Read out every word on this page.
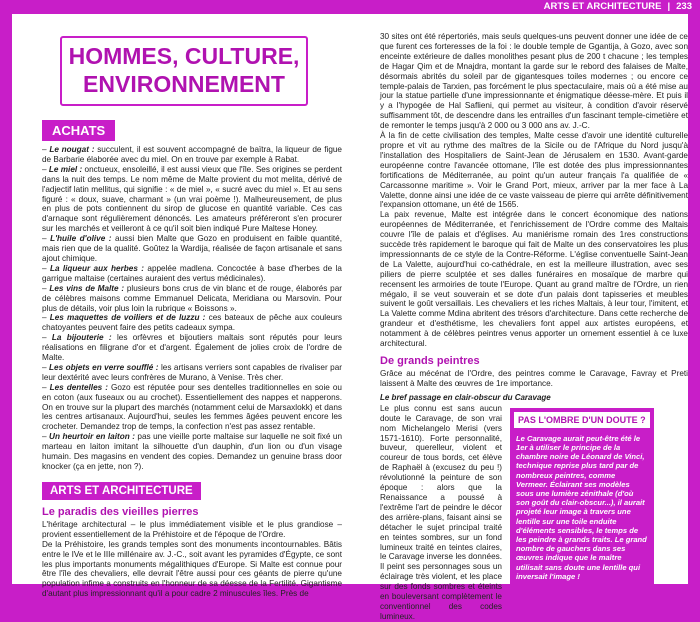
ARTS ET ARCHITECTURE | 233
HOMMES, CULTURE, ENVIRONNEMENT
ACHATS

– Le nougat : succulent, il est souvent accompagné de baïtra, la liqueur de figue de Barbarie élaborée avec du miel. On en trouve par exemple à Rabat.

– Le miel : onctueux, ensoleillé, il est aussi vieux que l'île. Ses origines se perdent dans la nuit des temps. Le nom même de Malte provient du mot melita, dérivé de l'adjectif latin mellitus, qui signifie : « de miel », « sucré avec du miel ». Et au sens figuré : « doux, suave, charmant » (un vrai poème !). Malheureusement, de plus en plus de pots contiennent du sirop de glucose en quantité variable. Ces cas d'arnaque sont régulièrement dénoncés. Les amateurs préféreront s'en procurer sur les marchés et veilleront à ce qu'il soit bien indiqué Pure Maltese Honey.

– L'huile d'olive : aussi bien Malte que Gozo en produisent en faible quantité, mais rien que de la qualité. Goûtez la Wardija, réalisée de façon artisanale et sans ajout chimique.

– La liqueur aux herbes : appelée madlena. Concoctée à base d'herbes de la garrigue maltaise (certaines auraient des vertus médicinales).

– Les vins de Malte : plusieurs bons crus de vin blanc et de rouge, élaborés par de célèbres maisons comme Emmanuel Delicata, Meridiana ou Marsovin. Pour plus de détails, voir plus loin la rubrique « Boissons ».

– Les maquettes de voiliers et de luzzu : ces bateaux de pêche aux couleurs chatoyantes peuvent faire des petits cadeaux sympa.

– La bijouterie : les orfèvres et bijoutiers maltais sont réputés pour leurs réalisations en filigrane d'or et d'argent. Également de jolies croix de l'ordre de Malte.

– Les objets en verre soufflé : les artisans verriers sont capables de rivaliser par leur dextérité avec leurs confrères de Murano, à Venise. Très cher.

– Les dentelles : Gozo est réputée pour ses dentelles traditionnelles en soie ou en coton (aux fuseaux ou au crochet). Essentiellement des nappes et napperons. On en trouve sur la plupart des marchés (notamment celui de Marsaxlokk) et dans les centres artisanaux. Aujourd'hui, seules les femmes âgées peuvent encore les crocheter. Demandez trop de temps, la confection n'est pas assez rentable.

– Un heurtoir en laiton : pas une vieille porte maltaise sur laquelle ne soit fixé un marteau en laiton imitant la silhouette d'un dauphin, d'un lion ou d'un visage humain. Des magasins en vendent des copies. Demandez un genuine brass door knocker (ça en jette, non ?).

ARTS ET ARCHITECTURE
Le paradis des vieilles pierres

L'héritage architectural – le plus immédiatement visible et le plus grandiose – provient essentiellement de la Préhistoire et de l'époque de l'Ordre.

De la Préhistoire, les grands temples sont des monuments incontournables. Bâtis entre le IVe et le IIIe millénaire av. J.-C., soit avant les pyramides d'Égypte, ce sont les plus importants monuments mégalithiques d'Europe. Si Malte est connue pour être l'île des chevaliers, elle devrait l'être aussi pour ces géants de pierre qu'une population infime a construits en l'honneur de sa déesse de la Fertilité. Gigantisme d'autant plus impressionnant qu'il a pour cadre 2 minuscules îles. Près de

30 sites ont été répertoriés, mais seuls quelques-uns peuvent donner une idée de ce que furent ces forteresses de la foi : le double temple de Ggantija, à Gozo, avec son enceinte extérieure de dalles monolithes pesant plus de 200 t chacune ; les temples de Hagar Qim et de Mnajdra, montant la garde sur le rebord des falaises de Malte, désormais abrités du soleil par de gigantesques toiles modernes ; ou encore ce temple-palais de Tarxien, pas forcément le plus spectaculaire, mais où a été mise au jour la statue partielle d'une impressionnante et énigmatique déesse-mère. Et puis il y a l'hypogée de Hal Saflieni, qui permet au visiteur, à condition d'avoir réservé suffisamment tôt, de descendre dans les entrailles d'un fascinant temple-cimetière et de remonter le temps jusqu'à 2 000 ou 3 000 ans av. J.-C.

À la fin de cette civilisation des temples, Malte cesse d'avoir une identité culturelle propre et vit au rythme des maîtres de la Sicile ou de l'Afrique du Nord jusqu'à l'installation des Hospitaliers de Saint-Jean de Jérusalem en 1530. Avant-garde européenne contre l'avancée ottomane, l'île est dotée des plus impressionnantes fortifications de Méditerranée, au point qu'un auteur français l'a qualifiée de « Carcassonne maritime ». Voir le Grand Port, mieux, arriver par la mer face à La Valette, donne ainsi une idée de ce vaste vaisseau de pierre qui arrête définitivement l'expansion ottomane, un été de 1565.

La paix revenue, Malte est intégrée dans le concert économique des nations européennes de Méditerranée, et l'enrichissement de l'Ordre comme des Maltais couvre l'île de palais et d'églises. Au maniérisme romain des 1res constructions succède très rapidement le baroque qui fait de Malte un des conservatoires les plus impressionnants de ce style de la Contre-Réforme. L'église conventuelle Saint-Jean de La Valette, aujourd'hui co-cathédrale, en est la meilleure illustration, avec ses piliers de pierre sculptée et ses dalles funéraires en mosaïque de marbre qui recensent les armoiries de toute l'Europe. Quant au grand maître de l'Ordre, un rien mégalo, il se veut souverain et se dote d'un palais dont tapisseries et meubles suivent le goût versaillais. Les chevaliers et les riches Maltais, à leur tour, l'imitent, et La Valette comme Mdina abritent des trésors d'architecture. Dans cette recherche de grandeur et d'esthétisme, les chevaliers font appel aux artistes européens, et notamment à de célèbres peintres venus apporter un ornement essentiel à ce luxe architectural.

De grands peintres

Grâce au mécénat de l'Ordre, des peintres comme le Caravage, Favray et Preti laissent à Malte des œuvres de 1re importance.

Le bref passage en clair-obscur du Caravage

Le plus connu est sans aucun doute le Caravage, de son vrai nom Michelangelo Merisi (vers 1571-1610). Forte personnalité, buveur, querelleur, violent et coureur de tous bords, cet élève de Raphaël à (excusez du peu !) révolutionné la peinture de son époque : alors que la Renaissance a poussé à l'extrême l'art de peindre le décor des arrière-plans, faisant ainsi se détacher le sujet principal traité en teintes sombres, sur un fond lumineux traité en teintes claires, le Caravage inverse les données. Il peint ses personnages sous un éclairage très violent, et les place sur des fonds sombres et éteints en bouleversant complètement le conventionnel des codes lumineux.

PAS L'OMBRE D'UN DOUTE ?
Le Caravage aurait peut-être été le 1er à utiliser le principe de la chambre noire de Léonard de Vinci, technique reprise plus tard par de nombreux peintres, comme Vermeer. Éclairant ses modèles sous une lumière zénithale (d'où son goût du clair-obscur...), il aurait projeté leur image à travers une lentille sur une toile enduite d'éléments sensibles, le temps de les peindre à grands traits. Le grand nombre de gauchers dans ses œuvres indique que le maître utilisait sans doute une lentille qui inversait l'image !
